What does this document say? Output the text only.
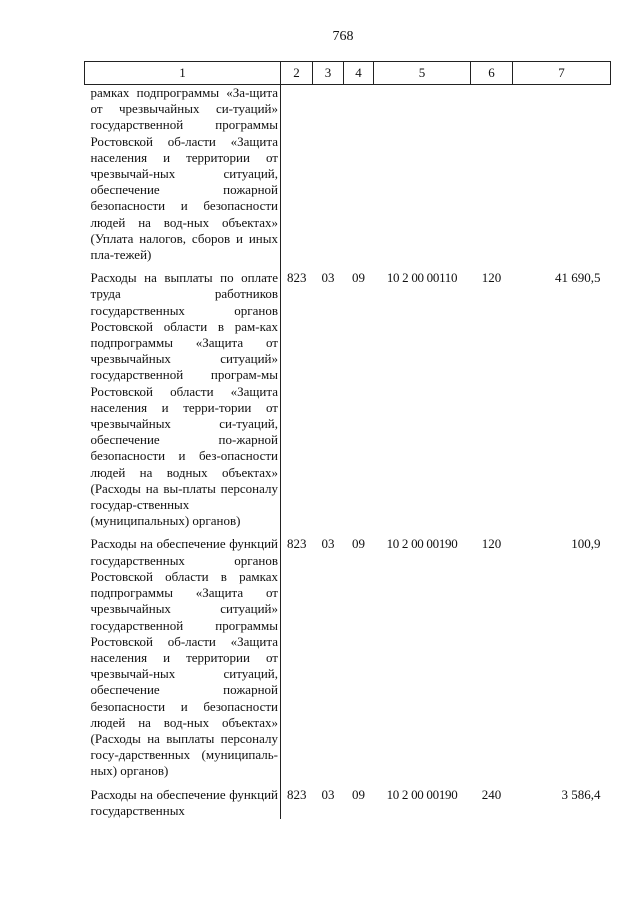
768
1	2	3	4	5	6	7
рамках подпрограммы «За-щита от чрезвычайных си-туаций» государственной программы Ростовской об-ласти «Защита населения и территории от чрезвычай-ных ситуаций, обеспечение пожарной безопасности и безопасности людей на вод-ных объектах» (Уплата налогов, сборов и иных пла-тежей)						
Расходы на выплаты по оплате труда работников государственных органов Ростовской области в рам-ках подпрограммы «Защита от чрезвычайных ситуаций» государственной програм-мы Ростовской области «Защита населения и терри-тории от чрезвычайных си-туаций, обеспечение по-жарной безопасности и без-опасности людей на водных объектах» (Расходы на вы-платы персоналу государ-ственных (муниципальных) органов)	823	03	09	10 2 00 00110	120	41 690,5
Расходы на обеспечение функций государственных органов Ростовской области в рамках подпрограммы «Защита от чрезвычайных ситуаций» государственной программы Ростовской об-ласти «Защита населения и территории от чрезвычай-ных ситуаций, обеспечение пожарной безопасности и безопасности людей на вод-ных объектах» (Расходы на выплаты персоналу госу-дарственных (муниципаль-ных) органов)	823	03	09	10 2 00 00190	120	100,9
Расходы на обеспечение функций государственных	823	03	09	10 2 00 00190	240	3 586,4
